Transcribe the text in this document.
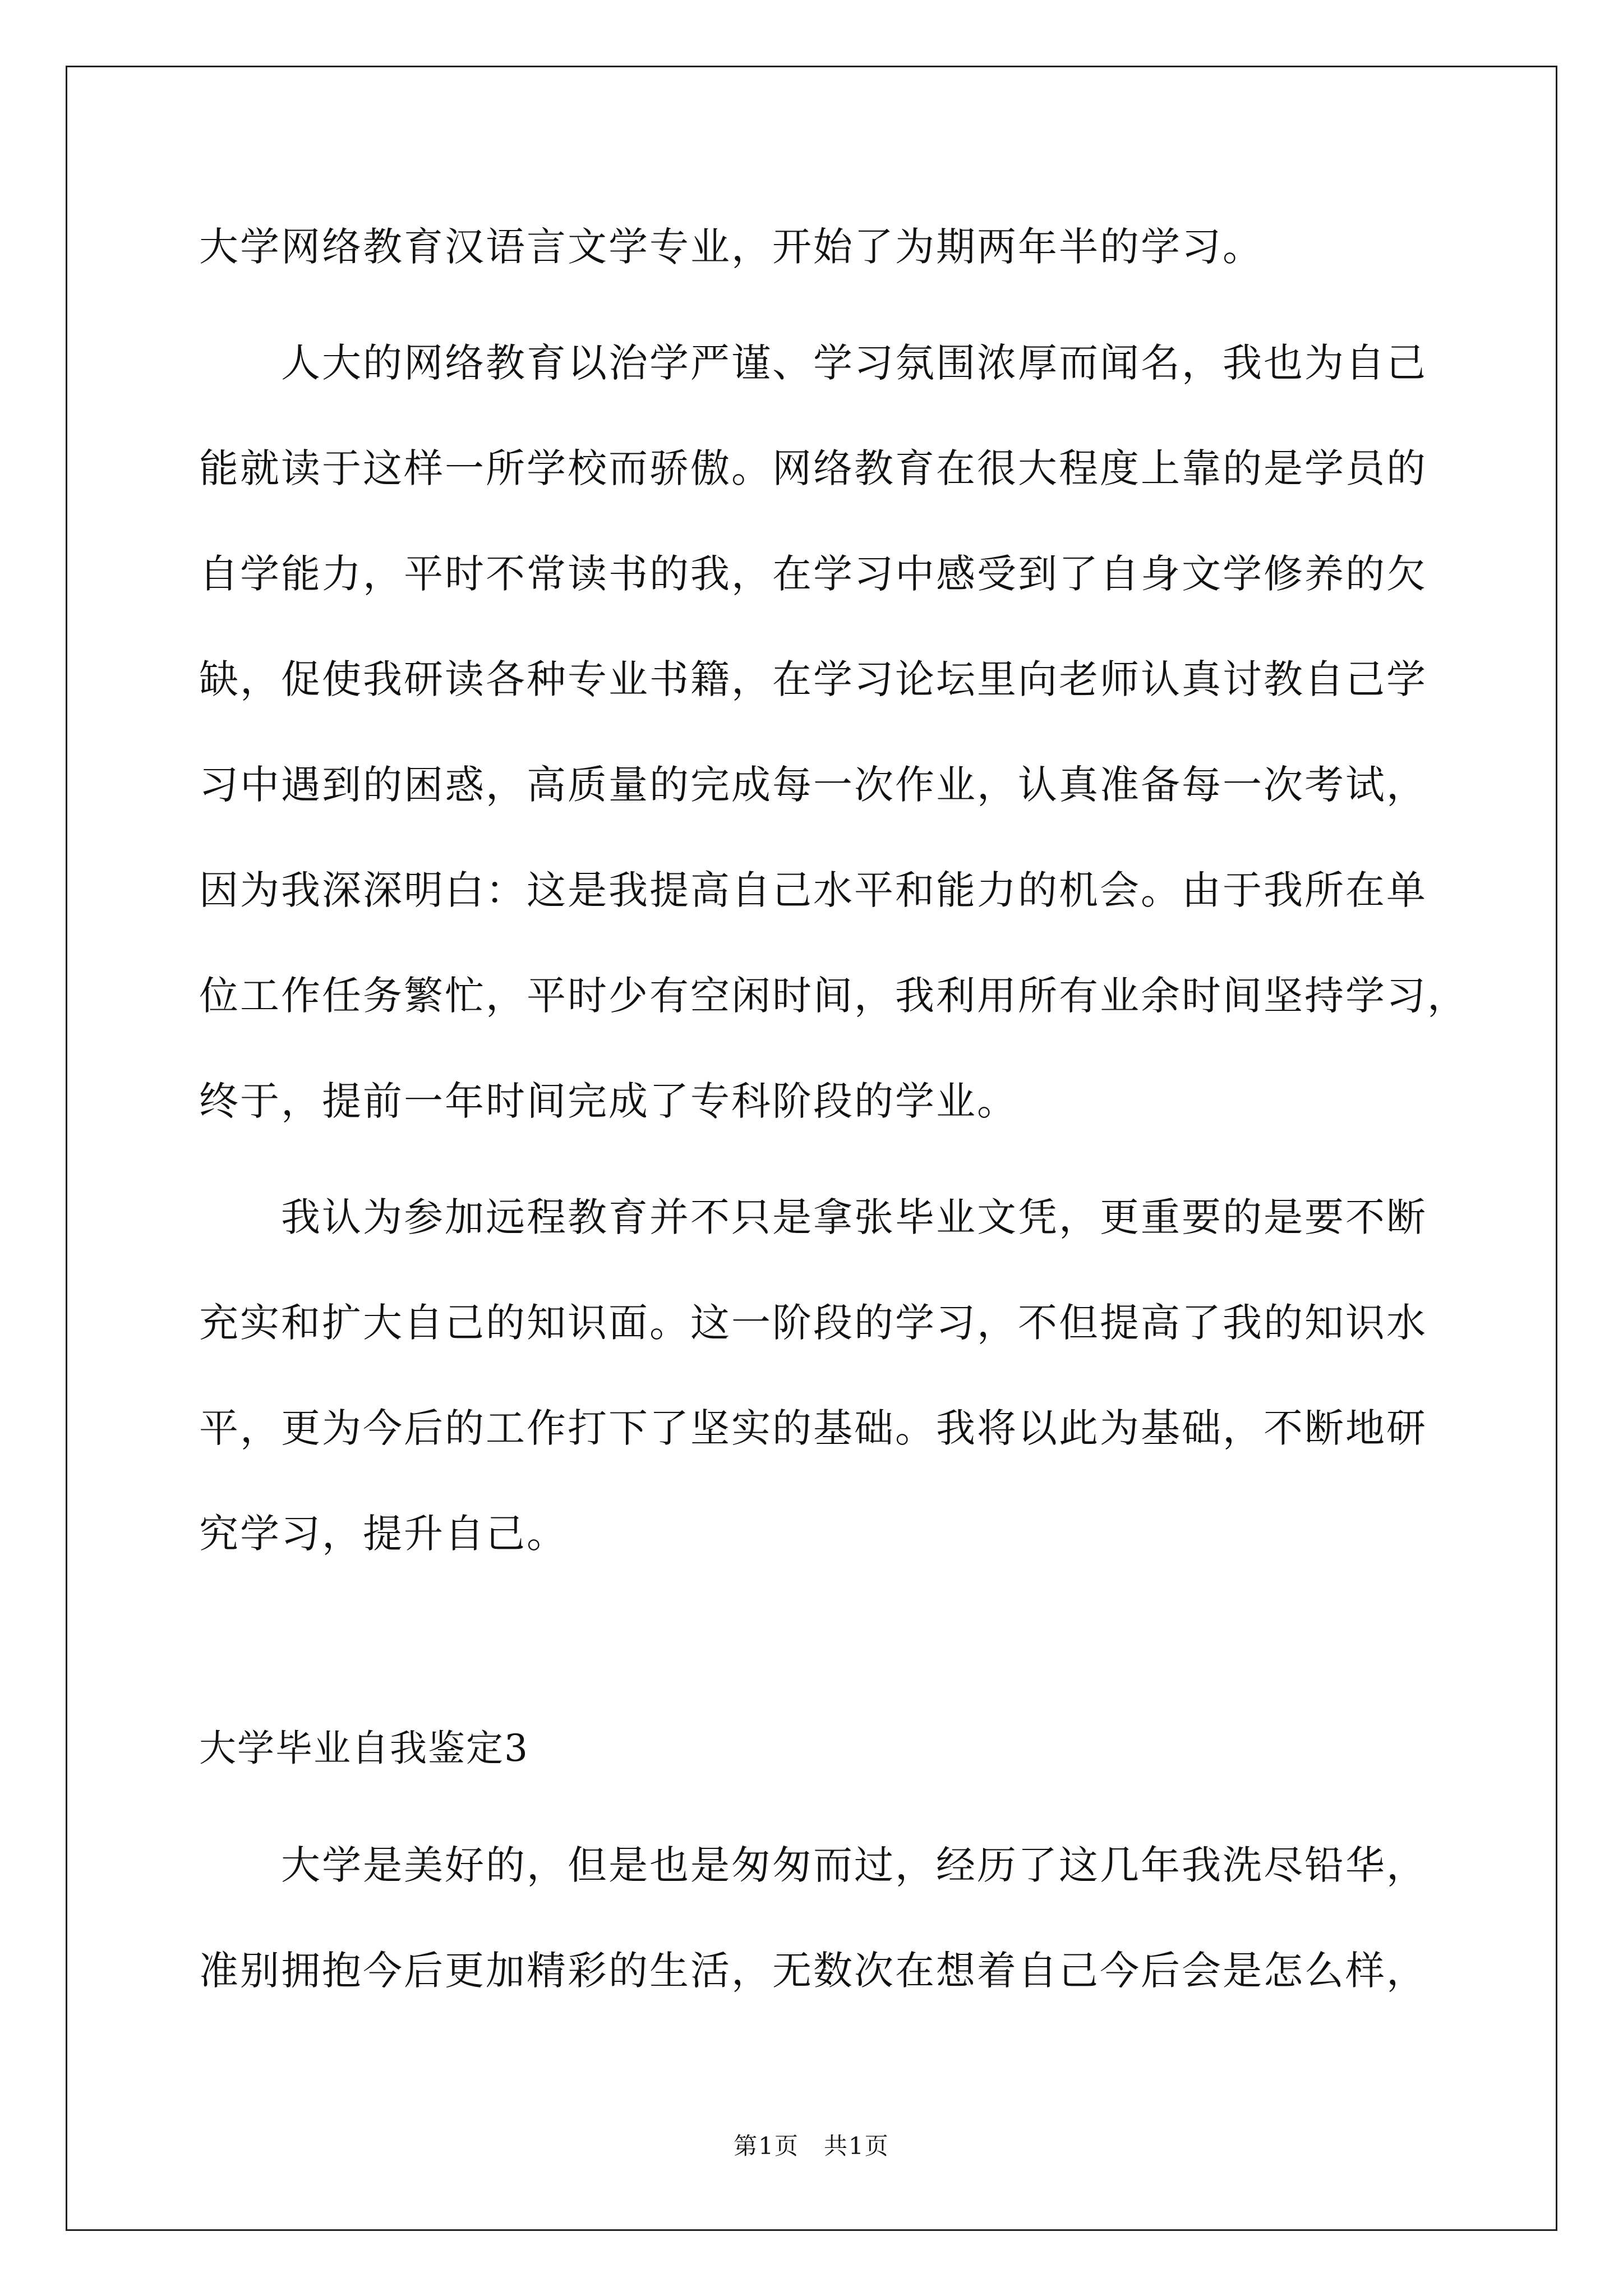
大学网络教育汉语言文学专业，开始了为期两年半的学习。
人大的网络教育以治学严谨、学习氛围浓厚而闻名，我也为自己
能就读于这样一所学校而骄傲。网络教育在很大程度上靠的是学员的
自学能力，平时不常读书的我，在学习中感受到了自身文学修养的欠
缺，促使我研读各种专业书籍，在学习论坛里向老师认真讨教自己学
习中遇到的困惑，高质量的完成每一次作业，认真准备每一次考试，
因为我深深明白：这是我提高自己水平和能力的机会。由于我所在单
位工作任务繁忙，平时少有空闲时间，我利用所有业余时间坚持学习，
终于，提前一年时间完成了专科阶段的学业。
我认为参加远程教育并不只是拿张毕业文凭，更重要的是要不断
充实和扩大自己的知识面。这一阶段的学习，不但提高了我的知识水
平，更为今后的工作打下了坚实的基础。我将以此为基础，不断地研
究学习，提升自己。
大学毕业自我鉴定3
大学是美好的，但是也是匆匆而过，经历了这几年我洗尽铅华，
准别拥抱今后更加精彩的生活，无数次在想着自己今后会是怎么样，
第1页　共1页
